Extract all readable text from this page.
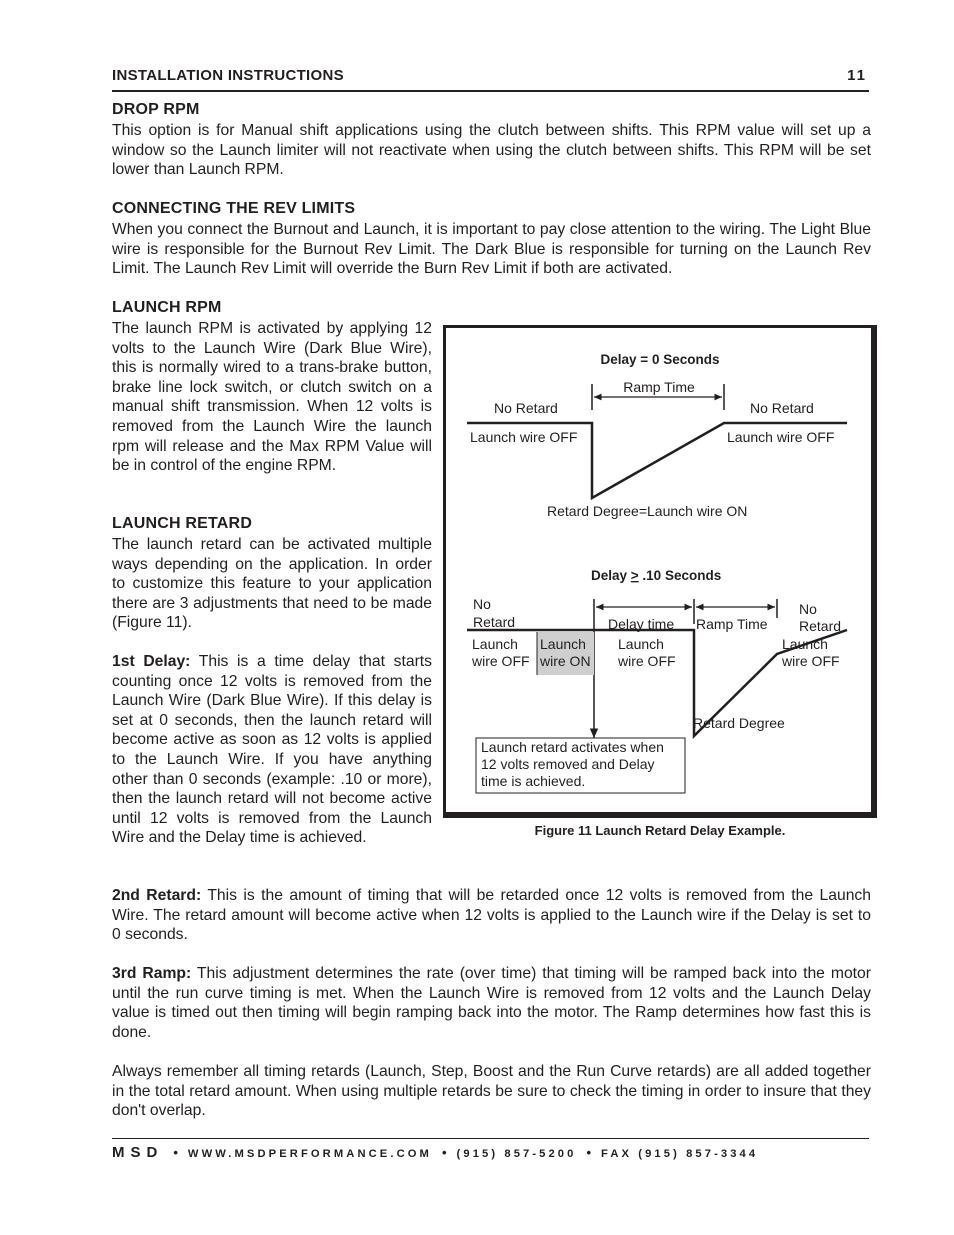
INSTALLATION INSTRUCTIONS	11
DROP RPM

This option is for Manual shift applications using the clutch between shifts. This RPM value will set up a window so the Launch limiter will not reactivate when using the clutch between shifts. This RPM will be set lower than Launch RPM.

CONNECTING THE REV LIMITS

When you connect the Burnout and Launch, it is important to pay close attention to the wiring. The Light Blue wire is responsible for the Burnout Rev Limit. The Dark Blue is responsible for turning on the Launch Rev Limit. The Launch Rev Limit will override the Burn Rev Limit if both are activated.

LAUNCH RPM

The launch RPM is activated by applying 12 volts to the Launch Wire (Dark Blue Wire), this is normally wired to a trans-brake button, brake line lock switch, or clutch switch on a manual shift transmission. When 12 volts is removed from the Launch Wire the launch rpm will release and the Max RPM Value will be in control of the engine RPM.

LAUNCH RETARD

The launch retard can be activated multiple ways depending on the application. In order to customize this feature to your application there are 3 adjustments that need to be made (Figure 11).

1st Delay: This is a time delay that starts counting once 12 volts is removed from the Launch Wire (Dark Blue Wire). If this delay is set at 0 seconds, then the launch retard will become active as soon as 12 volts is applied to the Launch Wire. If you have anything other than 0 seconds (example: .10 or more), then the launch retard will not become active until 12 volts is removed from the Launch Wire and the Delay time is achieved.

Delay = 0 Seconds
Ramp Time
No Retard	No Retard
Launch wire OFF	Launch wire OFF
Retard Degree=Launch wire ON
Delay > .10 Seconds
No
Retard
No
Retard
Delay time Ramp Time
Launch
wire OFF
Launch
wire ON
Launch
wire OFF
Launch
wire OFF
Retard Degree
Launch retard activates when
12 volts removed and Delay
time is achieved.
Figure 11 Launch Retard Delay Example.

2nd Retard: This is the amount of timing that will be retarded once 12 volts is removed from the Launch Wire. The retard amount will become active when 12 volts is applied to the Launch wire if the Delay is set to 0 seconds.

3rd Ramp: This adjustment determines the rate (over time) that timing will be ramped back into the motor until the run curve timing is met. When the Launch Wire is removed from 12 volts and the Launch Delay value is timed out then timing will begin ramping back into the motor. The Ramp determines how fast this is done.

Always remember all timing retards (Launch, Step, Boost and the Run Curve retards) are all added together in the total retard amount. When using multiple retards be sure to check the timing in order to insure that they don't overlap.

MSD • WWW.MSDPERFORMANCE.COM • (915) 857-5200 • FAX (915) 857-3344
